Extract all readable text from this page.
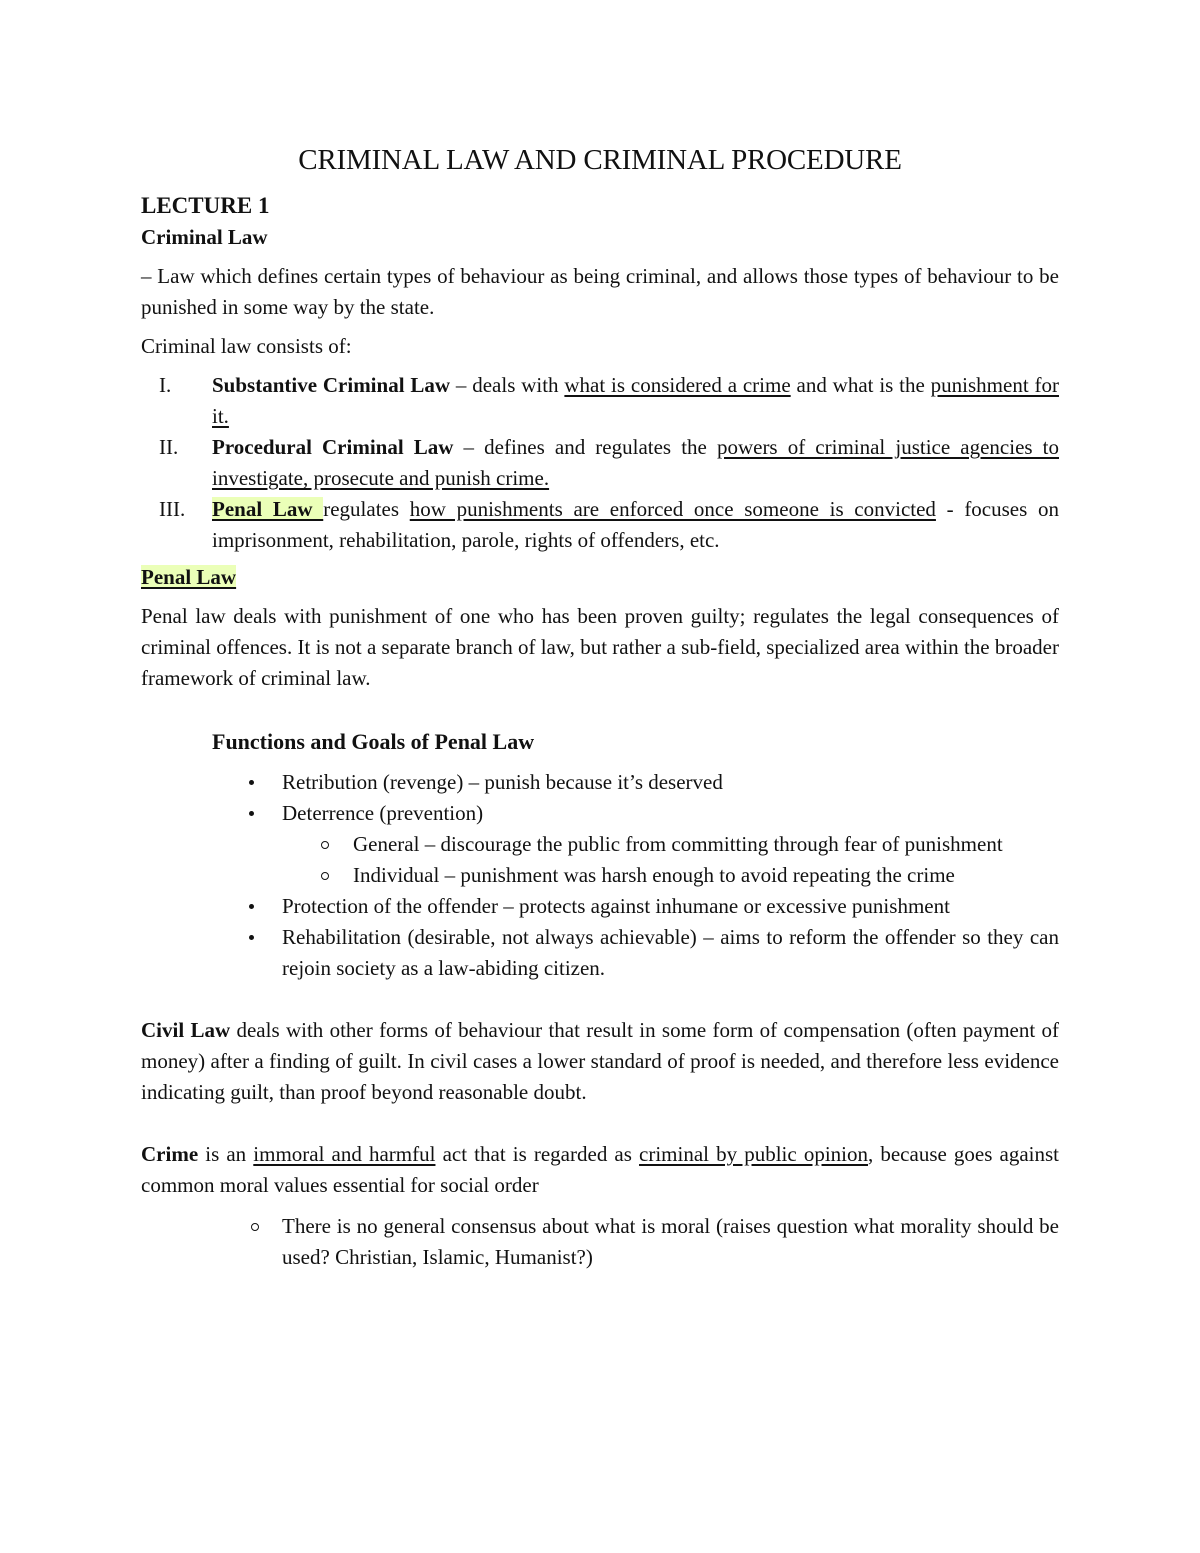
CRIMINAL LAW AND CRIMINAL PROCEDURE

LECTURE 1

Criminal Law

– Law which defines certain types of behaviour as being criminal, and allows those types of behaviour to be punished in some way by the state.

Criminal law consists of:

I.	Substantive Criminal Law – deals with what is considered a crime and what is the punishment for it.
II.	Procedural Criminal Law – defines and regulates the powers of criminal justice agencies to investigate, prosecute and punish crime.
III.	Penal Law regulates how punishments are enforced once someone is convicted - focuses on imprisonment, rehabilitation, parole, rights of offenders, etc.

Penal Law

Penal law deals with punishment of one who has been proven guilty; regulates the legal consequences of criminal offences. It is not a separate branch of law, but rather a sub-field, specialized area within the broader framework of criminal law.

Functions and Goals of Penal Law

Retribution (revenge) – punish because it’s deserved
Deterrence (prevention)
General – discourage the public from committing through fear of punishment
Individual – punishment was harsh enough to avoid repeating the crime
Protection of the offender – protects against inhumane or excessive punishment
Rehabilitation (desirable, not always achievable) – aims to reform the offender so they can rejoin society as a law-abiding citizen.

Civil Law deals with other forms of behaviour that result in some form of compensation (often payment of money) after a finding of guilt. In civil cases a lower standard of proof is needed, and therefore less evidence indicating guilt, than proof beyond reasonable doubt.

Crime is an immoral and harmful act that is regarded as criminal by public opinion, because goes against common moral values essential for social order

There is no general consensus about what is moral (raises question what morality should be used? Christian, Islamic, Humanist?)
